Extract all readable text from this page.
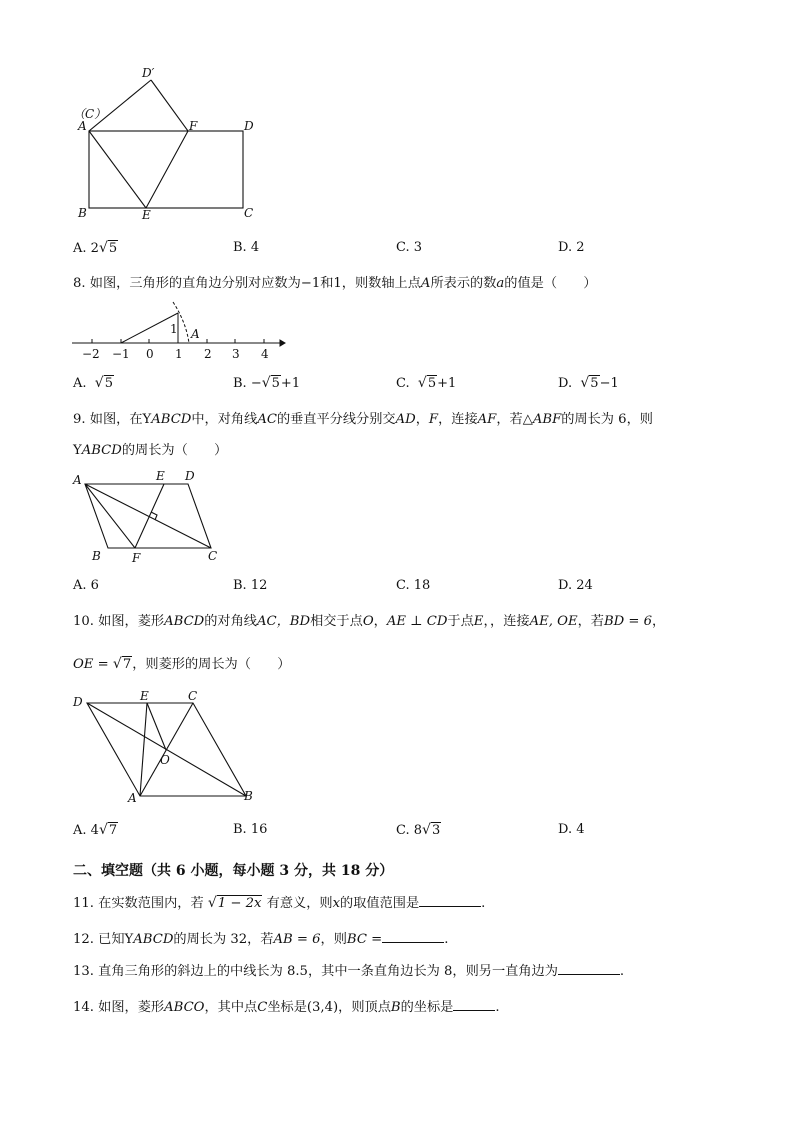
D′
（C）
A	F	D
B	E	C
A. 2√5	B. 4	C. 3	D. 2
8. 如图，三角形的直角边分别对应数为−1和1，则数轴上点A所表示的数a的值是（　　）
−2 −1 0 1 2 3 4
1 A
A. √5	B. −√5+1	C. √5+1	D. √5−1
9. 如图，在YABCD中，对角线AC的垂直平分线分别交AD，F，连接AF，若△ABF的周长为 6，则
YABCD的周长为（　　）
A	E D
B	F	C
A. 6	B. 12	C. 18	D. 24
10. 如图，菱形ABCD的对角线AC，BD相交于点O，AE ⊥ CD于点E，，连接AE, OE，若BD = 6，
OE = √7，则菱形的周长为（　　）
D	E	C
O
A	B
A. 4√7	B. 16	C. 8√3	D. 4
二、填空题（共 6 小题，每小题 3 分，共 18 分）
11. 在实数范围内，若 √1 − 2x 有意义，则x的取值范围是	.
12. 已知YABCD的周长为 32，若AB = 6，则BC =	.
13. 直角三角形的斜边上的中线长为 8.5，其中一条直角边长为 8，则另一直角边为	.
14. 如图，菱形ABCO，其中点C坐标是(3,4)，则顶点B的坐标是	.
